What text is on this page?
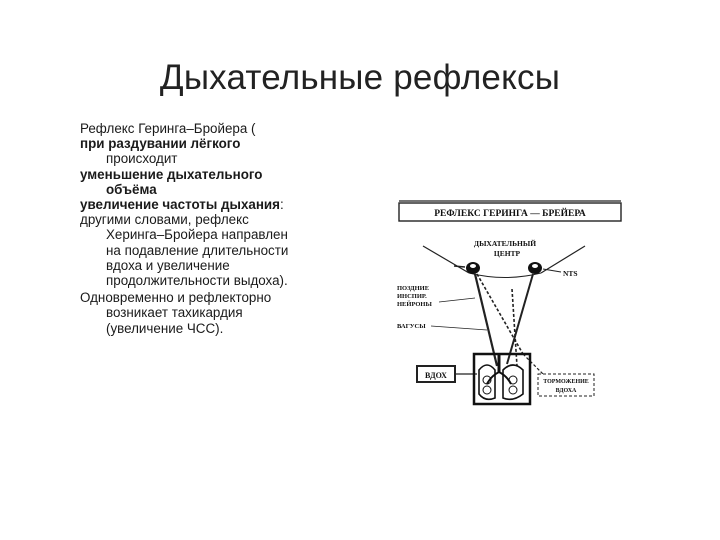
Дыхательные рефлексы
Рефлекс Геринга–Бройера (
при раздувании лёгкого
происходит
уменьшение дыхательного
объёма
увеличение частоты дыхания:
другими словами, рефлекс
Херинга–Бройера направлен
на подавление длительности
вдоха и увеличение
продолжительности выдоха).
Одновременно и рефлекторно
возникает тахикардия
(увеличение ЧСС).
РЕФЛЕКС ГЕРИНГА — БРЕЙЕРА
ДЫХАТЕЛЬНЫЙ
ЦЕНТР
NTS
ПОЗДНИЕ
ИНСПИР.
НЕЙРОНЫ
ВАГУСЫ
ВДОХ
ТОРМОЖЕНИЕ
ВДОХА
